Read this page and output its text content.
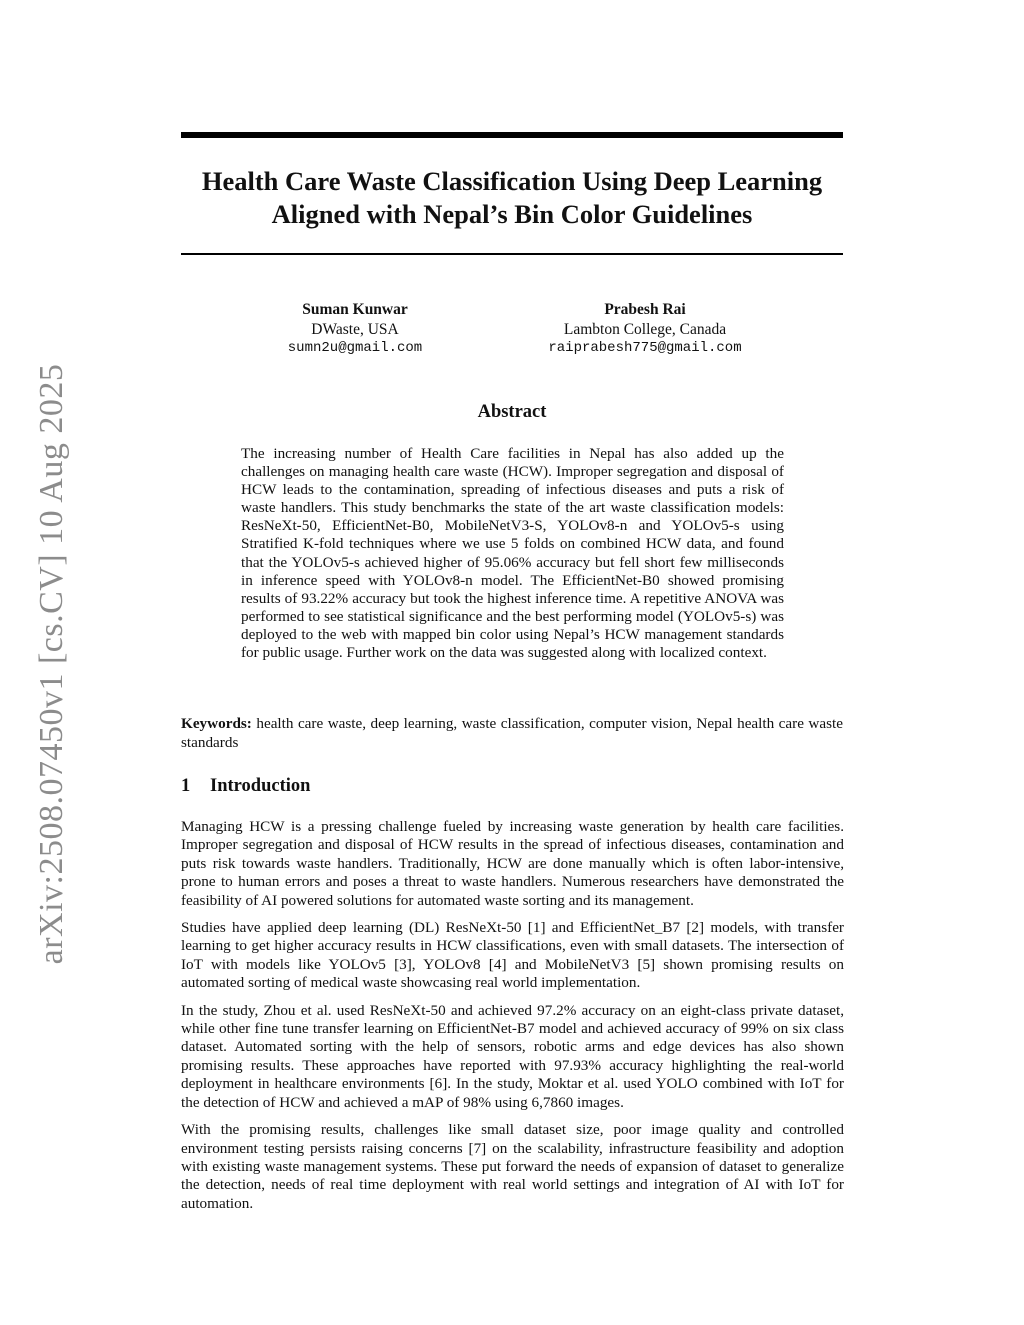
arXiv:2508.07450v1 [cs.CV] 10 Aug 2025
Health Care Waste Classification Using Deep Learning
Aligned with Nepal’s Bin Color Guidelines
Suman Kunwar
DWaste, USA
sumn2u@gmail.com
Prabesh Rai
Lambton College, Canada
raiprabesh775@gmail.com
Abstract
The increasing number of Health Care facilities in Nepal has also added up the challenges on managing health care waste (HCW). Improper segregation and disposal of HCW leads to the contamination, spreading of infectious diseases and puts a risk of waste handlers. This study benchmarks the state of the art waste classification models: ResNeXt-50, EfficientNet-B0, MobileNetV3-S, YOLOv8-n and YOLOv5-s using Stratified K-fold techniques where we use 5 folds on combined HCW data, and found that the YOLOv5-s achieved higher of 95.06% accuracy but fell short few milliseconds in inference speed with YOLOv8-n model. The EfficientNet-B0 showed promising results of 93.22% accuracy but took the highest inference time. A repetitive ANOVA was performed to see statistical significance and the best performing model (YOLOv5-s) was deployed to the web with mapped bin color using Nepal’s HCW management standards for public usage. Further work on the data was suggested along with localized context.
Keywords: health care waste, deep learning, waste classification, computer vision, Nepal health care waste standards
1 Introduction

Managing HCW is a pressing challenge fueled by increasing waste generation by health care facilities. Improper segregation and disposal of HCW results in the spread of infectious diseases, contamination and puts risk towards waste handlers. Traditionally, HCW are done manually which is often labor-intensive, prone to human errors and poses a threat to waste handlers. Numerous researchers have demonstrated the feasibility of AI powered solutions for automated waste sorting and its management.

Studies have applied deep learning (DL) ResNeXt-50 [1] and EfficientNet_B7 [2] models, with transfer learning to get higher accuracy results in HCW classifications, even with small datasets. The intersection of IoT with models like YOLOv5 [3], YOLOv8 [4] and MobileNetV3 [5] shown promising results on automated sorting of medical waste showcasing real world implementation.

In the study, Zhou et al. used ResNeXt-50 and achieved 97.2% accuracy on an eight-class private dataset, while other fine tune transfer learning on EfficientNet-B7 model and achieved accuracy of 99% on six class dataset. Automated sorting with the help of sensors, robotic arms and edge devices has also shown promising results. These approaches have reported with 97.93% accuracy highlighting the real-world deployment in healthcare environments [6]. In the study, Moktar et al. used YOLO combined with IoT for the detection of HCW and achieved a mAP of 98% using 6,7860 images.

With the promising results, challenges like small dataset size, poor image quality and controlled environment testing persists raising concerns [7] on the scalability, infrastructure feasibility and adoption with existing waste management systems. These put forward the needs of expansion of dataset to generalize the detection, needs of real time deployment with real world settings and integration of AI with IoT for automation.
